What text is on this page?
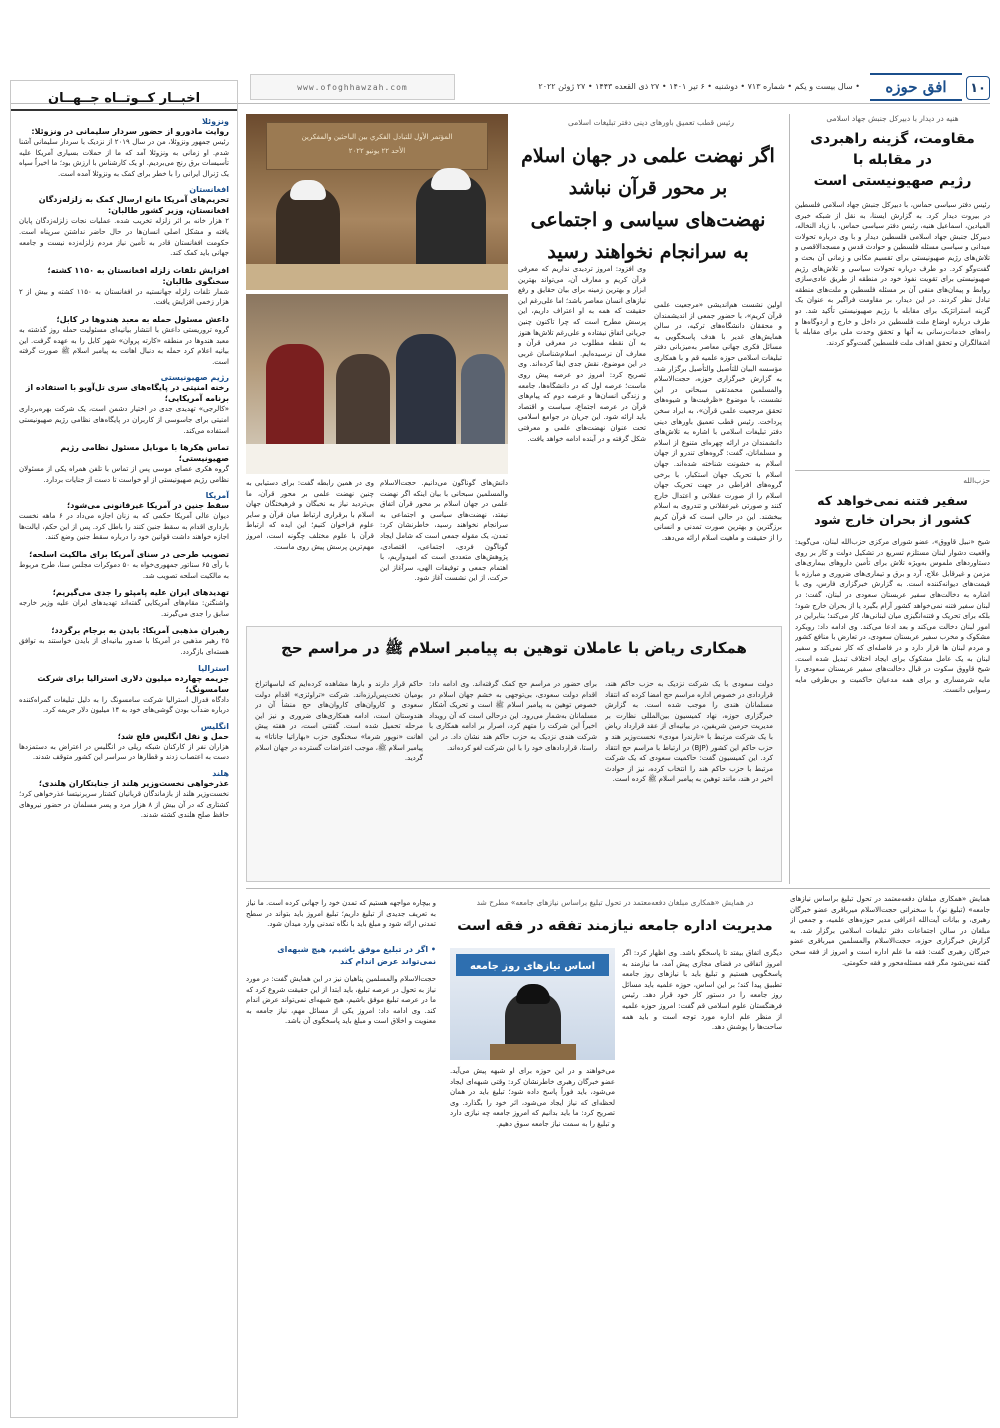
۱۰
افق حوزه
• سال بیست و یکم • شماره ۷۱۳ • دوشنبه • ۶ تیر ۱۴۰۱ • ۲۷ ذی القعده ۱۴۴۳ • ۲۷ ژوئن ۲۰۲۲
www.ofoghhawzah.com
هنیه در دیدار با دبیرکل جنبش جهاد اسلامی
مقاومت، گزینه راهبردی
در مقابله با
رژیم صهیونیستی است
رئیس دفتر سیاسی حماس، با دبیرکل جنبش جهاد اسلامی فلسطین در بیروت دیدار کرد. به گزارش ایسنا، به نقل از شبکه خبری المیادین، اسماعیل هنیه، رئیس دفتر سیاسی حماس، با زیاد النخاله، دبیرکل جنبش جهاد اسلامی فلسطین دیدار و با وی درباره تحولات میدانی و سیاسی مسئله فلسطین و حوادث قدس و مسجدالاقصی و تلاش‌های رژیم صهیونیستی برای تقسیم مکانی و زمانی آن بحث و گفت‌وگو کرد. دو طرف درباره تحولات سیاسی و تلاش‌های رژیم صهیونیستی برای تقویت نفوذ خود در منطقه از طریق عادی‌سازی روابط و پیمان‌های منفی آن بر مسئله فلسطین و ملت‌های منطقه تبادل نظر کردند. در این دیدار، بر مقاومت فراگیر به عنوان یک گزینه استراتژیک برای مقابله با رژیم صهیونیستی تأکید شد. دو طرف درباره اوضاع ملت فلسطین در داخل و خارج و اردوگاه‌ها و راه‌های خدمات‌رسانی به آنها و تحقق وحدت ملی برای مقابله با اشغالگران و تحقق اهداف ملت فلسطین گفت‌وگو کردند.
حزب‌الله
سفیر فتنه نمی‌خواهد که
کشور از بحران خارج شود
شیخ «نبیل قاووق»، عضو شورای مرکزی حزب‌الله لبنان، می‌گوید: واقعیت دشوار لبنان مستلزم تسریع در تشکیل دولت و کار بر روی دستاوردهای ملموس به‌ویژه تلاش برای تأمین داروهای بیماری‌های مزمن و غیرقابل علاج، آرد و برق و تیماری‌های ضروری و مبارزه با قیمت‌های دیوانه‌کننده است. به گزارش خبرگزاری فارس، وی با اشاره به دخالت‌های سفیر عربستان سعودی در لبنان، گفت: در لبنان سفیر فتنه نمی‌خواهد کشور آرام بگیرد یا از بحران خارج شود؛ بلکه برای تحریک و فتنه‌انگیزی میان لبنانی‌ها، کار می‌کند؛ بنابراین در امور لبنان دخالت می‌کند و بعد ادعا می‌کند. وی ادامه داد: رویکرد مشکوک و مخرب سفیر عربستان سعودی، در تعارض با منافع کشور و مردم لبنان ها قرار دارد و در فاصله‌ای که کار نمی‌کند و سفیر لبنان به یک عامل مشکوک برای ایجاد اختلاف تبدیل شده است. شیخ قاووق سکوت در قبال دخالت‌های سفیر عربستان سعودی را مایه شرمساری و برای همه مدعیان حاکمیت و بی‌طرفی مایه رسوایی دانست.
رئیس قطب تعمیق باورهای دینی دفتر تبلیغات اسلامی
اگر نهضت علمی در جهان اسلام
بر محور قرآن نباشد
نهضت‌های سیاسی و اجتماعی
به سرانجام نخواهند رسید
المؤتمر الأول للتبادل الفكري بين الباحثين والمفكرين
الأحد ۲۲ يونيو ۲۰۲۲
اولین نشست هم‌اندیشی «مرجعیت علمی قرآن کریم»، با حضور جمعی از اندیشمندان و محققان دانشگاه‌های ترکیه، در سالن همایش‌های غدیر با هدف پاسخگویی به مسائل فکری جهانی معاصر به‌میزبانی دفتر تبلیغات اسلامی حوزه علمیه قم و با همکاری مؤسسه البیان للتأصیل والتأصیل برگزار شد. به گزارش خبرگزاری حوزه، حجت‌الاسلام والمسلمین محمدتقی سبحانی در این نشست، با موضوع «ظرفیت‌ها و شیوه‌های تحقق مرجعیت علمی قرآن»، به ایراد سخن پرداخت. رئیس قطب تعمیق باورهای دینی دفتر تبلیغات اسلامی با اشاره به تلاش‌های دانشمندان در ارائه چهره‌ای متنوع از اسلام و مسلمانان، گفت: گروه‌های تندرو از جهان اسلام به خشونت شناخته شده‌اند. جهان اسلام با تحریک جهان استکبار، با برخی گروه‌های افراطی در جهت تحریک جهان اسلام را از صورت عقلانی و اعتدال خارج کنند و صورتی غیرعقلانی و تندروی به اسلام ببخشند. این در حالی است که قرآن کریم برزگترین و بهترین صورت تمدنی و انسانی را از حقیقت و ماهیت اسلام ارائه می‌دهد.
وی افزود: امروز تردیدی نداریم که معرفی قرآن کریم و معارف آن، می‌تواند بهترین ابزار و بهترین زمینه برای بیان حقایق و رفع نیازهای انسان معاصر باشد؛ اما علی‌رغم این حقیقت که همه به او اعتراف داریم، این پرسش مطرح است که چرا تاکنون چنین جریانی اتفاق نیفتاده و علی‌رغم تلاش‌ها هنوز به آن نقطه مطلوب در معرفی قرآن و معارف آن نرسیده‌ایم. اسلام‌شناسان غربی در این موضوع، نقش جدی ایفا کرده‌اند. وی تصریح کرد: امروز دو عرصه پیش روی ماست؛ عرصه اول که در دانشگاه‌ها، جامعه و زندگی انسان‌ها و عرصه دوم که پیام‌های قرآن در عرصه اجتماع، سیاست و اقتصاد باید ارائه شود. این جریان در جوامع اسلامی تحت عنوان نهضت‌های علمی و معرفتی شکل گرفته و در آینده ادامه خواهد یافت.
دانش‌های گوناگون می‌دانیم. حجت‌الاسلام والمسلمین سبحانی با بیان اینکه اگر نهضت علمی در جهان اسلام بر محور قرآن اتفاق نیفتد، نهضت‌های سیاسی و اجتماعی به سرانجام نخواهند رسید، خاطرنشان کرد: تمدن، یک مقوله جمعی است که شامل ایجاد گوناگون فردی، اجتماعی، اقتصادی، پژوهش‌های متعددی است که امیدواریم، با اهتمام جمعی و توفیقات الهی، سرآغاز این حرکت، از این نشست آغاز شود.
وی در همین رابطه گفت: برای دستیابی به چنین نهضت علمی بر محور قرآن، ما بی‌تردید نیاز به نخبگان و فرهیختگان جهان اسلام با برقراری ارتباط میان قرآن و سایر علوم فراخوان کنیم؛ این ایده که ارتباط قرآن با علوم مختلف چگونه است، امروز مهم‌ترین پرسش پیش روی ماست.
همکاری ریاض با عاملان توهین به پیامبر اسلام ﷺ در مراسم حج
دولت سعودی با یک شرکت نزدیک به حزب حاکم هند، قراردادی در خصوص اداره مراسم حج امضا کرده که انتقاد مسلمانان هندی را موجب شده است. به گزارش خبرگزاری حوزه، نهاد کمیسیون بین‌المللی نظارت بر مدیریت حرمین شریفین، در بیانیه‌ای از عقد قرارداد ریاض با یک شرکت مرتبط با «نارندرا مودی» نخست‌وزیر هند و حزب حاکم این کشور (BJP) در ارتباط با مراسم حج انتقاد کرد. این کمیسیون گفت: حاکمیت سعودی که یک شرکت مرتبط با حزب حاکم هند را انتخاب کرده، نیز از حوادث اخیر در هند، مانند توهین به پیامبر اسلام ﷺ کرده است.
برای حضور در مراسم حج کمک گرفته‌اند. وی ادامه داد: اقدام دولت سعودی، بی‌توجهی به خشم جهان اسلام در خصوص توهین به پیامبر اسلام ﷺ است و تحریک آشکار مسلمانان به‌شمار می‌رود. این درحالی است که آن رویداد اخیراً این شرکت را متهم کرد، اصرار بر ادامه همکاری با شرکت هندی نزدیک به حزب حاکم هند نشان داد. در این راستا، قراردادهای خود را با این شرکت لغو کرده‌اند.
حاکم قرار دارند و بارها مشاهده کرده‌ایم که لباسهاتراخ بومیان تخت‌پس‌لرزه‌اند. شرکت «تراوئزی» اقدام دولت سعودی و کاروان‌های کاروان‌های حج منشأ آن در هندوستان است، ادامه همکاری‌های ضروری و نیز این مرحله تحمیل شده است. گفتنی است، در هفته پیش اهانت «نوپور شرما» سخنگوی حزب «بهاراتیا جاناتا» به پیامبر اسلام ﷺ، موجب اعتراضات گسترده در جهان اسلام گردید.
در همایش «همکاری مبلغان دفعه‌معتمد در تحول تبلیغ براساس نیازهای جامعه» مطرح شد
مدیریت اداره جامعه نیازمند تفقه در فقه است
اساس نیازهای روز جامعه
همایش «همکاری مبلغان دفعه‌معتمد در تحول تبلیغ براساس نیازهای جامعه» (تبلیغ نو)، با سخنرانی حجت‌الاسلام میرباقری عضو خبرگان رهبری، و بیانات آیت‌الله اعرافی مدیر حوزه‌های علمیه، و جمعی از مبلغان در سالن اجتماعات دفتر تبلیغات اسلامی برگزار شد. به گزارش خبرگزاری حوزه، حجت‌الاسلام والمسلمین میرباقری عضو خبرگان رهبری گفت: فقه ما علم اداره است و امروز از فقه سخن گفته نمی‌شود مگر فقه مسئله‌محور و فقه حکومتی.
دیگری اتفاق بیفتد تا پاسخگو باشد. وی اظهار کرد: اگر امروز اتفاقی در فضای مجازی پیش آمد، ما نیازمند به پاسخگویی هستیم و تبلیغ باید با نیازهای روز جامعه تطبیق پیدا کند؛ بر این اساس، حوزه علمیه باید مسائل روز جامعه را در دستور کار خود قرار دهد. رئیس فرهنگستان علوم اسلامی قم گفت: امروز حوزه علمیه از منظر علم اداره مورد توجه است و باید همه ساحت‌ها را پوشش دهد.
می‌خواهند و در این حوزه برای او شبهه پیش می‌آید. عضو خبرگان رهبری خاطرنشان کرد: وقتی شبهه‌ای ایجاد می‌شود، باید فوراً پاسخ داده شود؛ تبلیغ باید در همان لحظه‌ای که نیاز ایجاد می‌شود، اثر خود را بگذارد. وی تصریح کرد: ما باید بدانیم که امروز جامعه چه نیازی دارد و تبلیغ را به سمت نیاز جامعه سوق دهیم.
و بیچاره مواجهه هستیم که تمدن خود را جهانی کرده است. ما نیاز به تعریف جدیدی از تبلیغ داریم؛ تبلیغ امروز باید بتواند در سطح تمدنی ارائه شود و مبلغ باید با نگاه تمدنی وارد میدان شود.
• اگر در تبلیغ موفق باشیم، هیچ شبهه‌ای نمی‌تواند عرض اندام کند
حجت‌الاسلام والمسلمین پناهیان نیز در این همایش گفت: در مورد نیاز به تحول در عرصه تبلیغ، باید ابتدا از این حقیقت شروع کرد که ما در عرصه تبلیغ موفق باشیم، هیچ شبهه‌ای نمی‌تواند عرض اندام کند. وی ادامه داد: امروز یکی از مسائل مهم، نیاز جامعه به معنویت و اخلاق است و مبلغ باید پاسخگوی آن باشد.
اخبــار کــوتــاه جــهــان
ونزوئلا
روایت مادورو از حضور سردار سلیمانی در ونزوئلا:
رئیس جمهور ونزوئلا، من در سال ۲۰۱۹ از نزدیک با سردار سلیمانی آشنا شدم. او زمانی به ونزوئلا آمد که ما از حملات بسیاری آمریکا علیه تأسیسات برق رنج می‌بردیم. او یک کارشناس با ارزش بود؛ ما اخیراً سپاه یک ژنرال ایرانی را با خطر برای کمک به ونزوئلا آمده است.
افغانستان
تحریم‌های آمریکا مانع ارسال کمک به زلزله‌زدگان افغانستان، وزیر کشور طالبان:
۲ هزار خانه بر اثر زلزله تخریب شده. عملیات نجات زلزله‌زدگان پایان یافته و مشکل اصلی انسان‌ها در حال حاضر نداشتن سرپناه است. حکومت افغانستان قادر به تأمین نیاز مردم زلزله‌زده نیست و جامعه جهانی باید کمک کند.
افزایش تلفات زلزله افغانستان به ۱۱۵۰ کشته؛ سخنگوی طالبان:
شمار تلفات زلزله جهانستیه در افغانستان به ۱۱۵۰ کشته و بیش از ۲ هزار زخمی افزایش یافت.
داعش مسئول حمله به معبد هندوها در کابل؛
گروه تروریستی داعش با انتشار بیانیه‌ای مسئولیت حمله روز گذشته به معبد هندوها در منطقه «کارته پروان» شهر کابل را به عهده گرفت. این بیانیه اعلام کرد حمله به دنبال اهانت به پیامبر اسلام ﷺ صورت گرفته است.
رژیم صهیونیستی
رخنه امنیتی در پایگاه‌های سری تل‌آویو با استفاده از برنامه آمریکایی؛
«کالرجی» تهدیدی جدی در اختیار دشمن است، یک شرکت بهره‌برداری امنیتی برای جاسوسی از کاربران در پایگاه‌های نظامی رژیم صهیونیستی استفاده می‌کند.
تماس هکرها با موبایل مسئول نظامی رژیم صهیونیستی؛
گروه هکری عصای موسی پس از تماس با تلفن همراه یکی از مسئولان نظامی رژیم صهیونیستی از او خواست تا دست از جنایات بردارد.
آمریکا
سقط جنین در آمریکا غیرقانونی می‌شود؛
دیوان عالی آمریکا حکمی که به زنان اجازه می‌داد در ۶ ماهه نخست بارداری اقدام به سقط جنین کنند را باطل کرد. پس از این حکم، ایالت‌ها اجازه خواهند داشت قوانین خود را درباره سقط جنین وضع کنند.
تصویب طرحی در سنای آمریکا برای مالکیت اسلحه؛
با رأی ۶۵ سناتور جمهوری‌خواه به ۵۰ دموکرات مجلس سنا، طرح مربوط به مالکیت اسلحه تصویب شد.
تهدیدهای ایران علیه پامپئو را جدی می‌گیریم؛
واشنگتن: مقام‌های آمریکایی گفته‌اند تهدیدهای ایران علیه وزیر خارجه سابق را جدی می‌گیرند.
رهبران مذهبی آمریکا: بایدن به برجام برگردد؛
۲۵ رهبر مذهبی در آمریکا با صدور بیانیه‌ای از بایدن خواستند به توافق هسته‌ای بازگردد.
استرالیا
جریمه چهارده میلیون دلاری استرالیا برای شرکت سامسونگ؛
دادگاه فدرال استرالیا شرکت سامسونگ را به دلیل تبلیغات گمراه‌کننده درباره ضدآب بودن گوشی‌های خود به ۱۴ میلیون دلار جریمه کرد.
انگلیس
حمل و نقل انگلیس فلج شد؛
هزاران نفر از کارکنان شبکه ریلی در انگلیس در اعتراض به دستمزدها دست به اعتصاب زدند و قطارها در سراسر این کشور متوقف شدند.
هلند
عذرخواهی نخست‌وزیر هلند از جنایتکاران هلندی؛
نخست‌وزیر هلند از بازماندگان قربانیان کشتار سربرنیتسا عذرخواهی کرد؛ کشتاری که در آن بیش از ۸ هزار مرد و پسر مسلمان در حضور نیروهای حافظ صلح هلندی کشته شدند.
